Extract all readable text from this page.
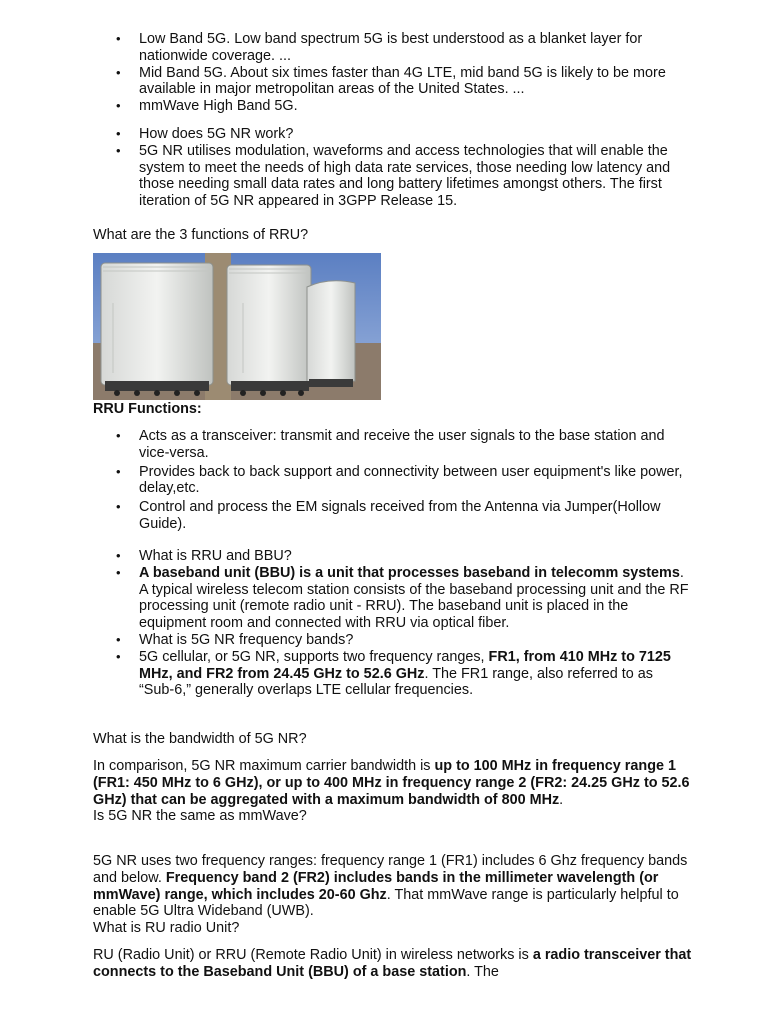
• Low Band 5G. Low band spectrum 5G is best understood as a blanket layer for nationwide coverage. ...
• Mid Band 5G. About six times faster than 4G LTE, mid band 5G is likely to be more available in major metropolitan areas of the United States. ...
• mmWave High Band 5G.
• How does 5G NR work?
• 5G NR utilises modulation, waveforms and access technologies that will enable the system to meet the needs of high data rate services, those needing low latency and those needing small data rates and long battery lifetimes amongst others. The first iteration of 5G NR appeared in 3GPP Release 15.

What are the 3 functions of RRU?

RRU Functions:

• Acts as a transceiver: transmit and receive the user signals to the base station and vice-versa.
• Provides back to back support and connectivity between user equipment's like power, delay,etc.
• Control and process the EM signals received from the Antenna via Jumper(Hollow Guide).
• What is RRU and BBU?
• A baseband unit (BBU) is a unit that processes baseband in telecomm systems. A typical wireless telecom station consists of the baseband processing unit and the RF processing unit (remote radio unit - RRU). The baseband unit is placed in the equipment room and connected with RRU via optical fiber.
• What is 5G NR frequency bands?
• 5G cellular, or 5G NR, supports two frequency ranges, FR1, from 410 MHz to 7125 MHz, and FR2 from 24.45 GHz to 52.6 GHz. The FR1 range, also referred to as “Sub-6,” generally overlaps LTE cellular frequencies.

What is the bandwidth of 5G NR?

In comparison, 5G NR maximum carrier bandwidth is up to 100 MHz in frequency range 1 (FR1: 450 MHz to 6 GHz), or up to 400 MHz in frequency range 2 (FR2: 24.25 GHz to 52.6 GHz) that can be aggregated with a maximum bandwidth of 800 MHz.
Is 5G NR the same as mmWave?

5G NR uses two frequency ranges: frequency range 1 (FR1) includes 6 Ghz frequency bands and below. Frequency band 2 (FR2) includes bands in the millimeter wavelength (or mmWave) range, which includes 20-60 Ghz. That mmWave range is particularly helpful to enable 5G Ultra Wideband (UWB).
What is RU radio Unit?

RU (Radio Unit) or RRU (Remote Radio Unit) in wireless networks is a radio transceiver that connects to the Baseband Unit (BBU) of a base station. The
